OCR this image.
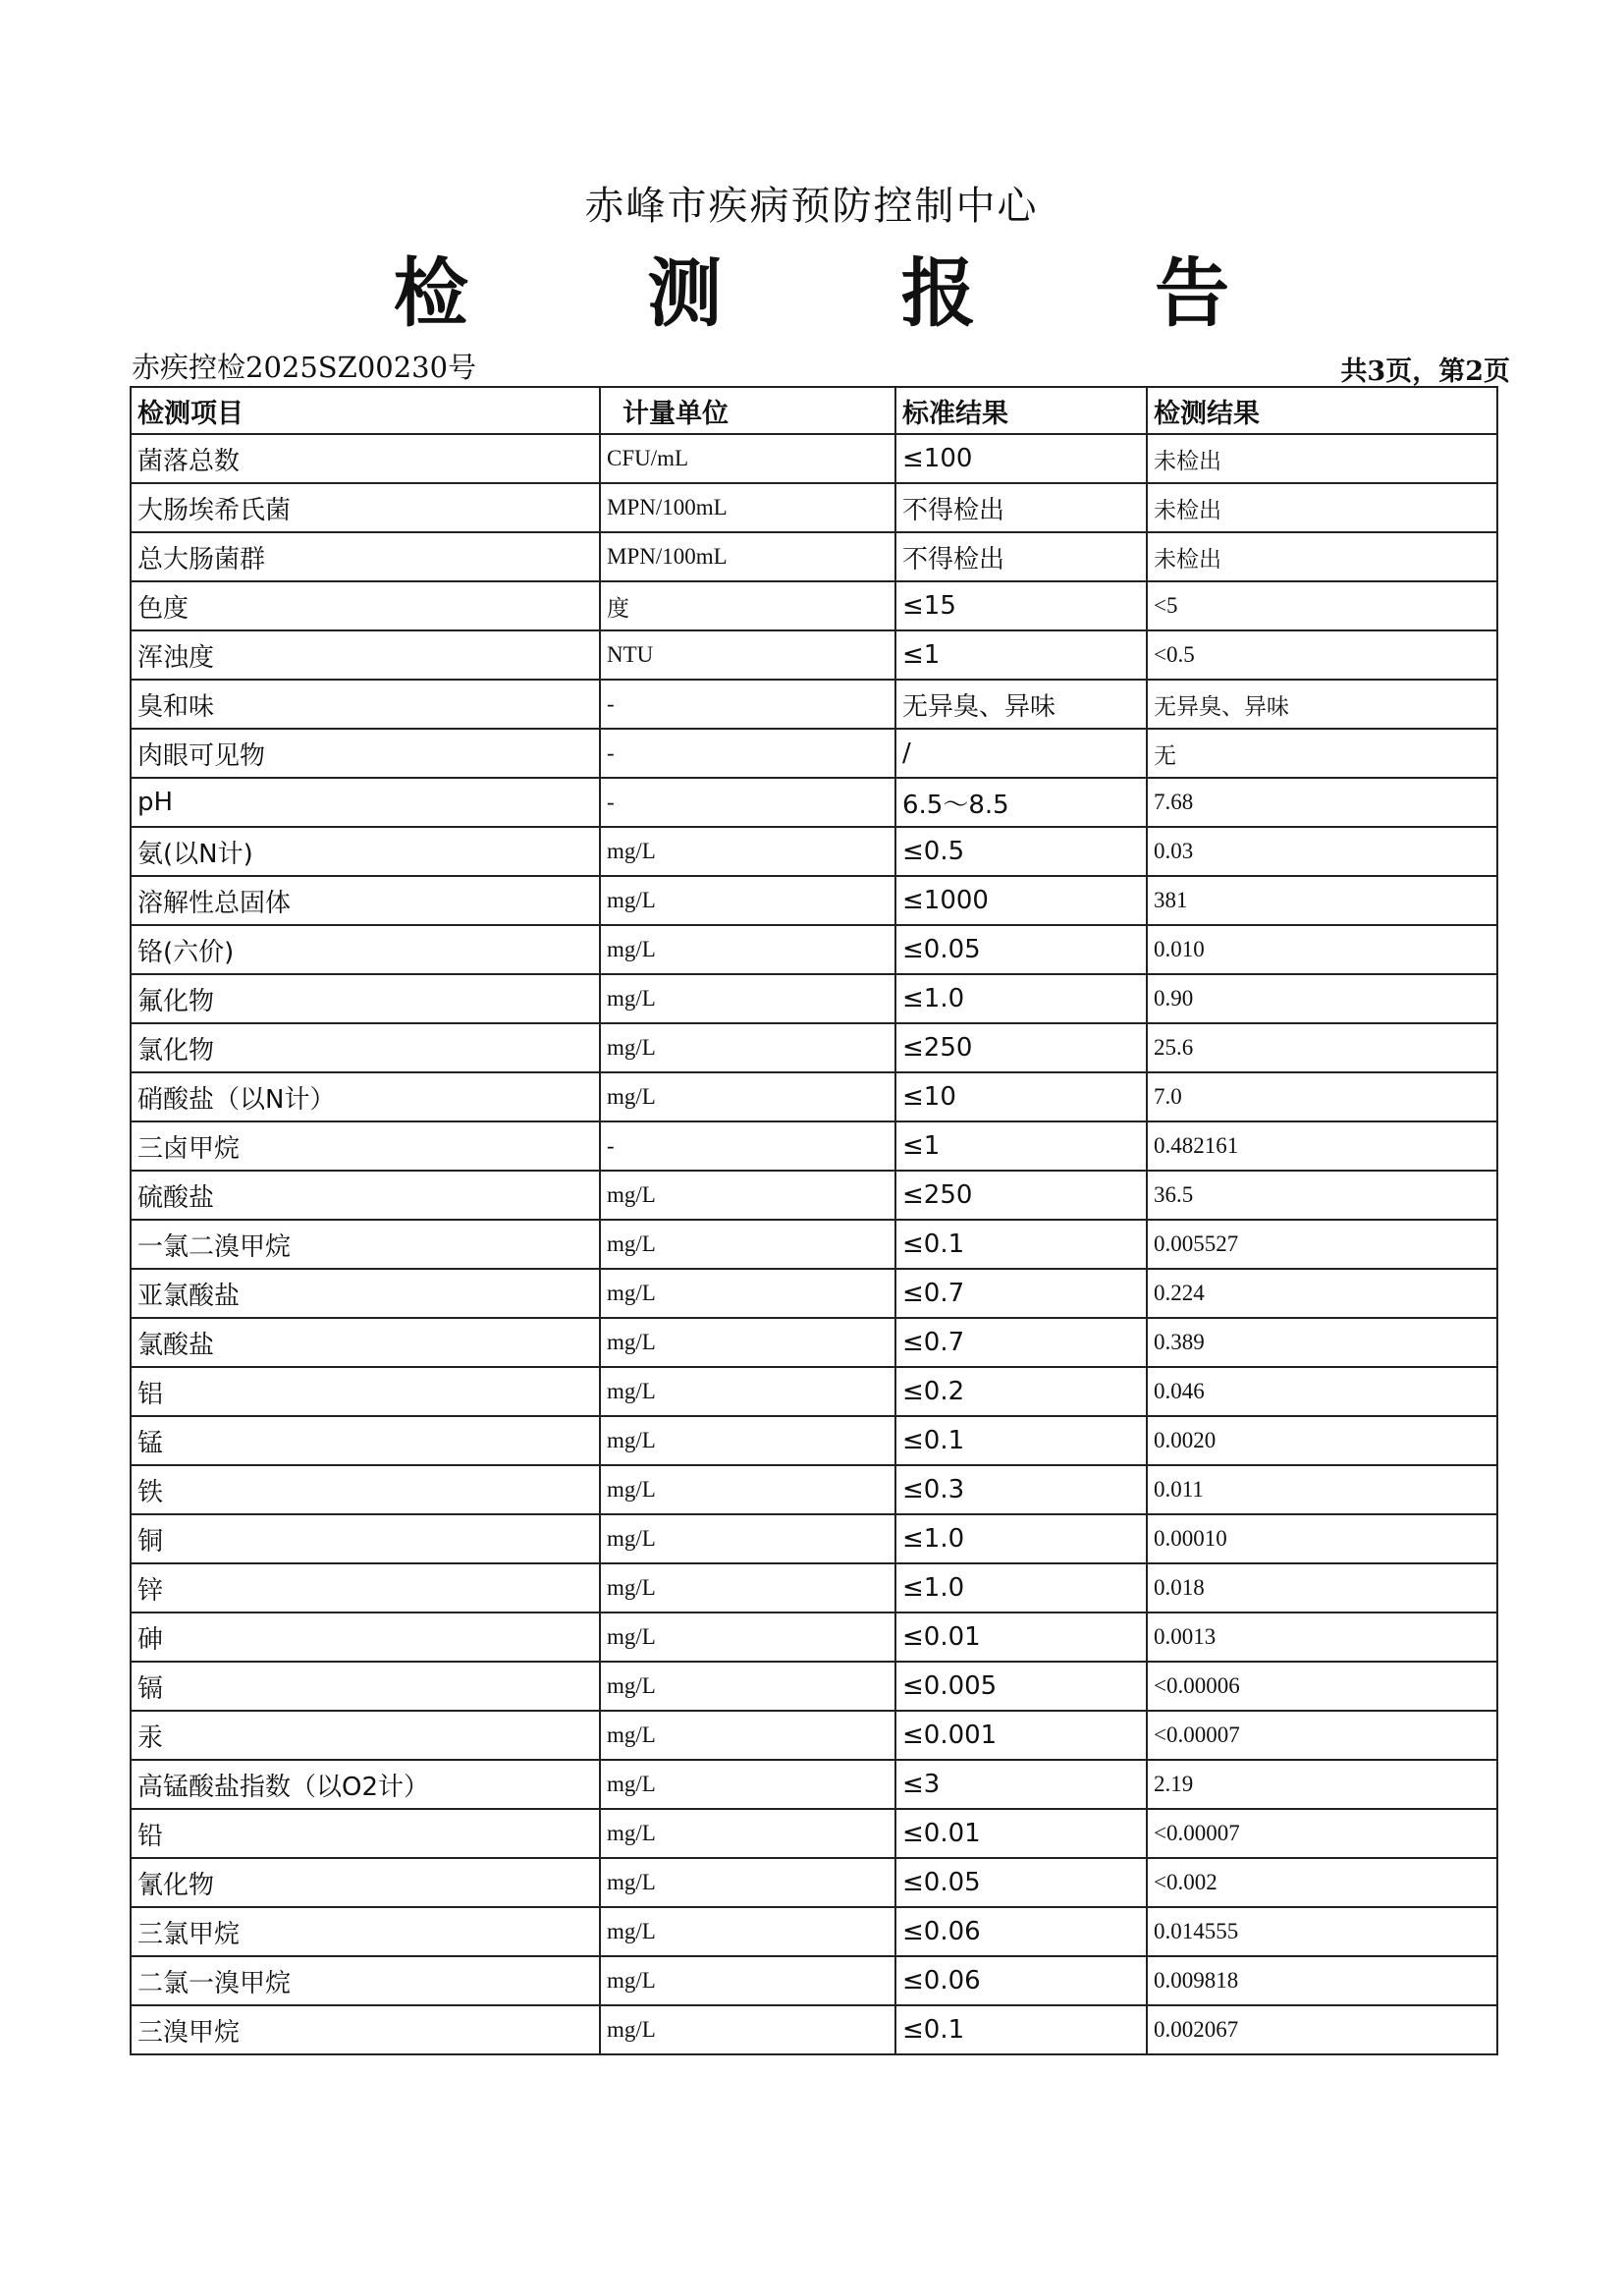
赤峰市疾病预防控制中心
检 测 报 告
赤疾控检2025SZ00230号	共3页，第2页
检测项目	计量单位	标准结果	检测结果
菌落总数	CFU/mL	≤100	未检出
大肠埃希氏菌	MPN/100mL	不得检出	未检出
总大肠菌群	MPN/100mL	不得检出	未检出
色度	度	≤15	<5
浑浊度	NTU	≤1	<0.5
臭和味	-	无异臭、异味	无异臭、异味
肉眼可见物	-	/	无
pH	-	6.5～8.5	7.68
氨(以N计)	mg/L	≤0.5	0.03
溶解性总固体	mg/L	≤1000	381
铬(六价)	mg/L	≤0.05	0.010
氟化物	mg/L	≤1.0	0.90
氯化物	mg/L	≤250	25.6
硝酸盐（以N计）	mg/L	≤10	7.0
三卤甲烷	-	≤1	0.482161
硫酸盐	mg/L	≤250	36.5
一氯二溴甲烷	mg/L	≤0.1	0.005527
亚氯酸盐	mg/L	≤0.7	0.224
氯酸盐	mg/L	≤0.7	0.389
铝	mg/L	≤0.2	0.046
锰	mg/L	≤0.1	0.0020
铁	mg/L	≤0.3	0.011
铜	mg/L	≤1.0	0.00010
锌	mg/L	≤1.0	0.018
砷	mg/L	≤0.01	0.0013
镉	mg/L	≤0.005	<0.00006
汞	mg/L	≤0.001	<0.00007
高锰酸盐指数（以O2计）	mg/L	≤3	2.19
铅	mg/L	≤0.01	<0.00007
氰化物	mg/L	≤0.05	<0.002
三氯甲烷	mg/L	≤0.06	0.014555
二氯一溴甲烷	mg/L	≤0.06	0.009818
三溴甲烷	mg/L	≤0.1	0.002067
